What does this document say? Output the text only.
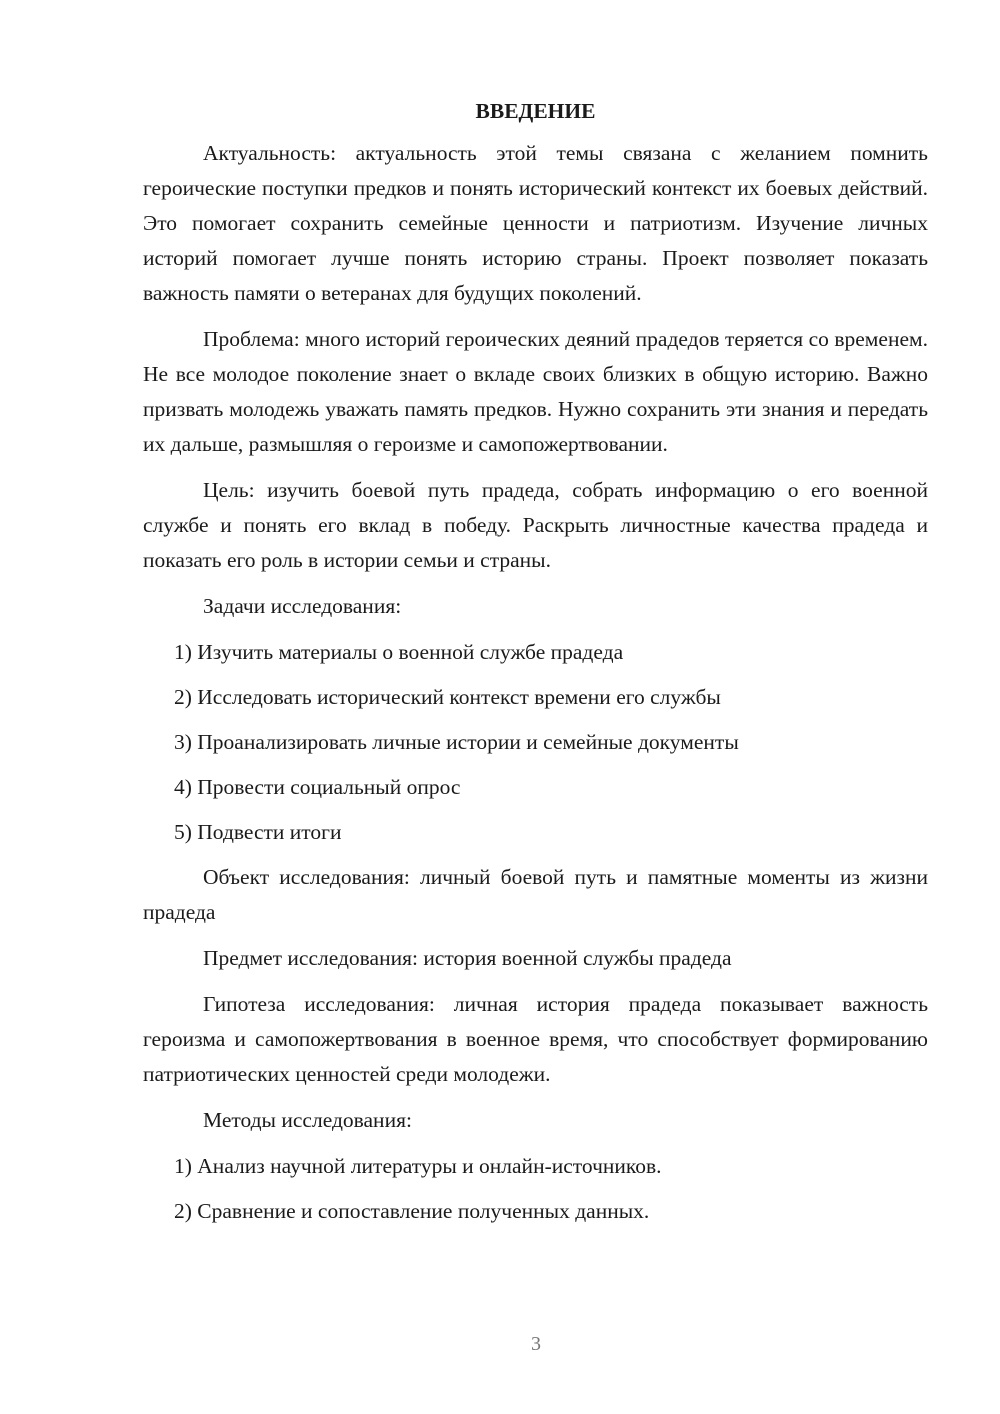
ВВЕДЕНИЕ

Актуальность: актуальность этой темы связана с желанием помнить героические поступки предков и понять исторический контекст их боевых действий. Это помогает сохранить семейные ценности и патриотизм. Изучение личных историй помогает лучше понять историю страны. Проект позволяет показать важность памяти о ветеранах для будущих поколений.

Проблема: много историй героических деяний прадедов теряется со временем. Не все молодое поколение знает о вкладе своих близких в общую историю. Важно призвать молодежь уважать память предков. Нужно сохранить эти знания и передать их дальше, размышляя о героизме и самопожертвовании.

Цель: изучить боевой путь прадеда, собрать информацию о его военной службе и понять его вклад в победу. Раскрыть личностные качества прадеда и показать его роль в истории семьи и страны.

Задачи исследования:

1) Изучить материалы о военной службе прадеда
2) Исследовать исторический контекст времени его службы
3) Проанализировать личные истории и семейные документы
4) Провести социальный опрос
5) Подвести итоги

Объект исследования: личный боевой путь и памятные моменты из жизни прадеда

Предмет исследования: история военной службы прадеда

Гипотеза исследования: личная история прадеда показывает важность героизма и самопожертвования в военное время, что способствует формированию патриотических ценностей среди молодежи.

Методы исследования:

1) Анализ научной литературы и онлайн-источников.
2) Сравнение и сопоставление полученных данных.
3
